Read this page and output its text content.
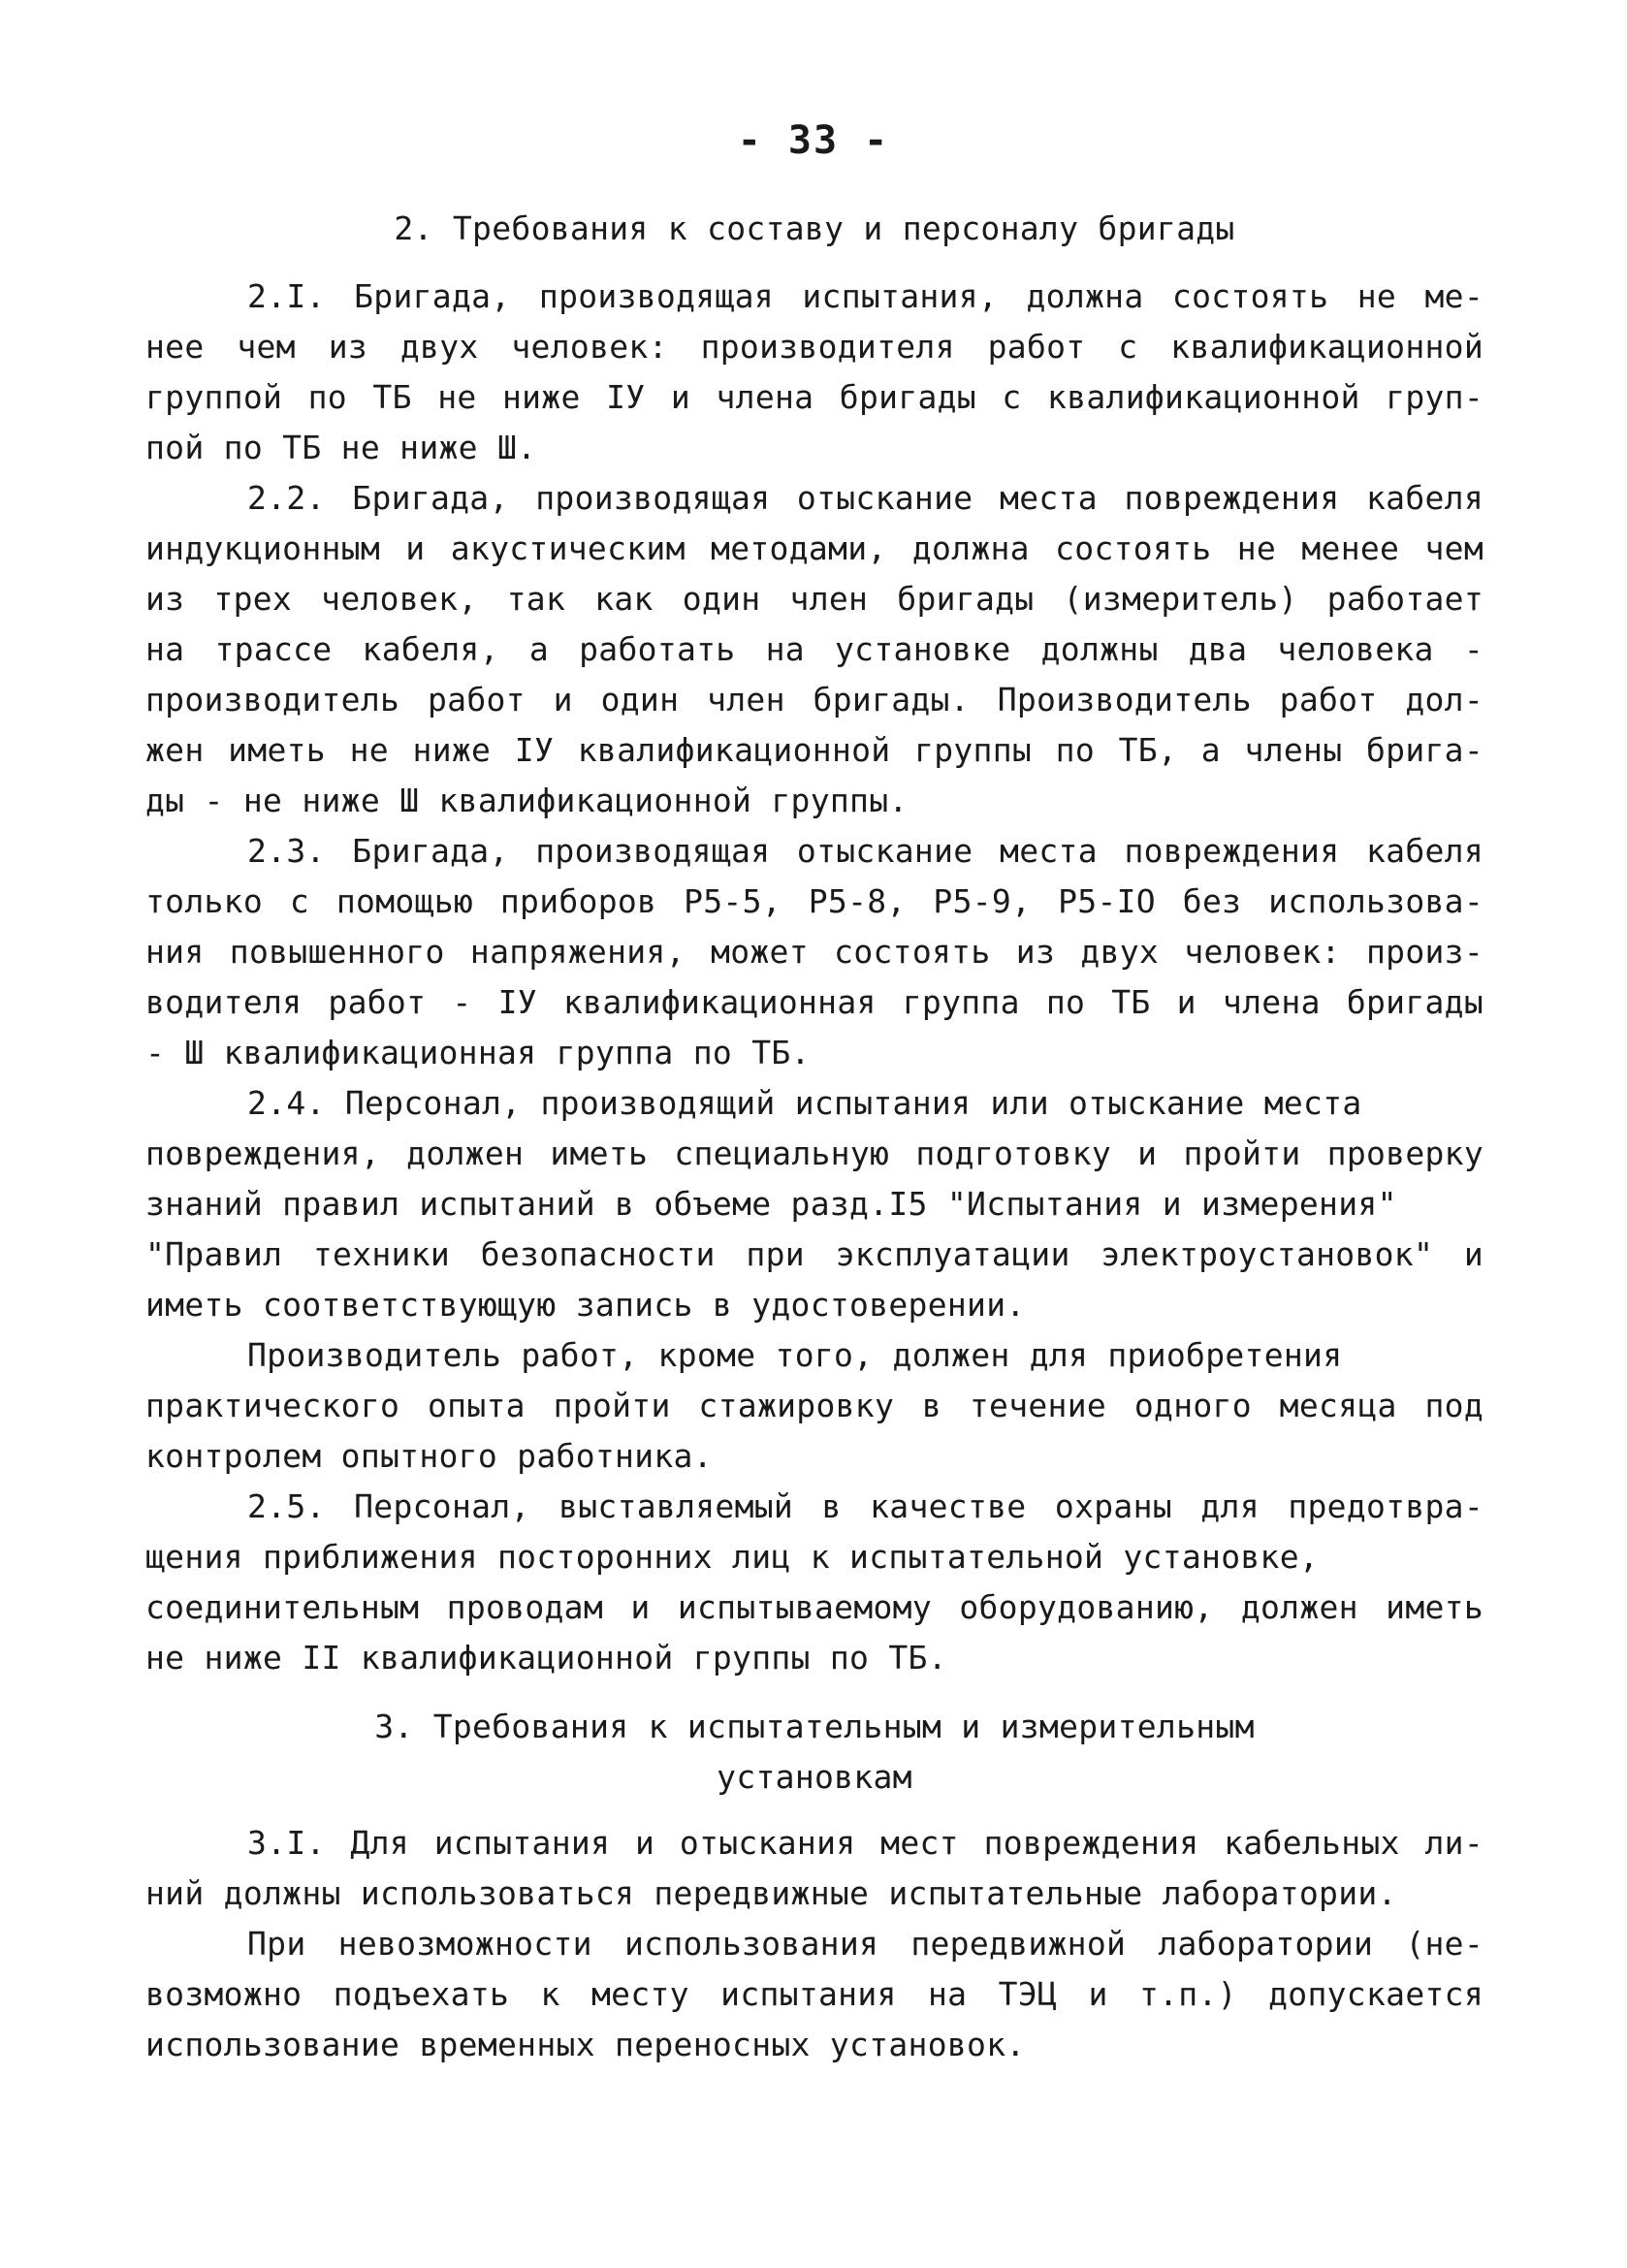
- 33 -
2. Требования к составу и персоналу бригады
2.I. Бригада, производящая испытания, должна состоять не ме-
нее чем из двух человек: производителя работ с квалификационной
группой по ТБ не ниже IУ и члена бригады с квалификационной груп-
пой по ТБ не ниже Ш.
2.2. Бригада, производящая отыскание места повреждения кабеля
индукционным и акустическим методами, должна состоять не менее чем
из трех человек, так как один член бригады (измеритель) работает
на трассе кабеля, а работать на установке должны два человека -
производитель работ и один член бригады. Производитель работ дол-
жен иметь не ниже IУ квалификационной группы по ТБ, а члены брига-
ды - не ниже Ш квалификационной группы.
2.3. Бригада, производящая отыскание места повреждения кабеля
только с помощью приборов Р5-5, Р5-8, Р5-9, Р5-IO без использова-
ния повышенного напряжения, может состоять из двух человек: произ-
водителя работ - IУ квалификационная группа по ТБ и члена бригады
- Ш квалификационная группа по ТБ.
2.4. Персонал, производящий испытания или отыскание места
повреждения, должен иметь специальную подготовку и пройти проверку
знаний правил испытаний в объеме разд.I5 "Испытания и измерения"
"Правил техники безопасности при эксплуатации электроустановок" и
иметь соответствующую запись в удостоверении.
Производитель работ, кроме того, должен для приобретения
практического опыта пройти стажировку в течение одного месяца под
контролем опытного работника.
2.5. Персонал, выставляемый в качестве охраны для предотвра-
щения приближения посторонних лиц к испытательной установке,
соединительным проводам и испытываемому оборудованию, должен иметь
не ниже II квалификационной группы по ТБ.
3. Требования к испытательным и измерительным
установкам
3.I. Для испытания и отыскания мест повреждения кабельных ли-
ний должны использоваться передвижные испытательные лаборатории.
При невозможности использования передвижной лаборатории (не-
возможно подъехать к месту испытания на ТЭЦ и т.п.) допускается
использование временных переносных установок.
